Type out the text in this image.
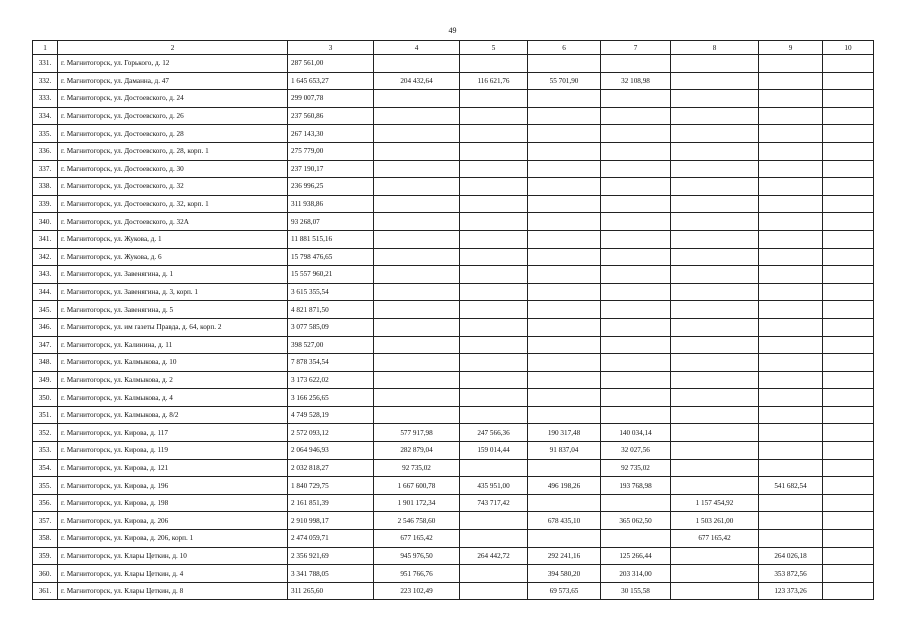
49
1	2	3	4	5	6	7	8	9	10
331.	г. Магнитогорск, ул. Горького, д. 12	287 561,00							
332.	г. Магнитогорск, ул. Даманна, д. 47	1 645 653,27	204 432,64	116 621,76	55 701,90	32 108,98			
333.	г. Магнитогорск, ул. Достоевского, д. 24	299 007,78							
334.	г. Магнитогорск, ул. Достоевского, д. 26	237 560,86							
335.	г. Магнитогорск, ул. Достоевского, д. 28	267 143,30							
336.	г. Магнитогорск, ул. Достоевского, д. 28, корп. 1	275 779,00							
337.	г. Магнитогорск, ул. Достоевского, д. 30	237 190,17							
338.	г. Магнитогорск, ул. Достоевского, д. 32	236 996,25							
339.	г. Магнитогорск, ул. Достоевского, д. 32, корп. 1	311 938,86							
340.	г. Магнитогорск, ул. Достоевского, д. 32А	93 268,07							
341.	г. Магнитогорск, ул. Жукова, д. 1	11 881 515,16							
342.	г. Магнитогорск, ул. Жукова, д. 6	15 798 476,65							
343.	г. Магнитогорск, ул. Завенягина, д. 1	15 557 960,21							
344.	г. Магнитогорск, ул. Завенягина, д. 3, корп. 1	3 615 355,54							
345.	г. Магнитогорск, ул. Завенягина, д. 5	4 821 871,50							
346.	г. Магнитогорск, ул. им газеты Правда, д. 64, корп. 2	3 077 585,09							
347.	г. Магнитогорск, ул. Калинина, д. 11	398 527,00							
348.	г. Магнитогорск, ул. Калмыкова, д. 10	7 878 354,54							
349.	г. Магнитогорск, ул. Калмыкова, д. 2	3 173 622,02							
350.	г. Магнитогорск, ул. Калмыкова, д. 4	3 166 256,65							
351.	г. Магнитогорск, ул. Калмыкова, д. 8/2	4 749 528,19							
352.	г. Магнитогорск, ул. Кирова, д. 117	2 572 093,12	577 917,98	247 566,36	190 317,48	140 034,14			
353.	г. Магнитогорск, ул. Кирова, д. 119	2 064 946,93	282 879,04	159 014,44	91 837,04	32 027,56			
354.	г. Магнитогорск, ул. Кирова, д. 121	2 032 818,27	92 735,02			92 735,02			
355.	г. Магнитогорск, ул. Кирова, д. 196	1 840 729,75	1 667 600,78	435 951,00	496 198,26	193 768,98		541 682,54	
356.	г. Магнитогорск, ул. Кирова, д. 198	2 161 851,39	1 901 172,34	743 717,42			1 157 454,92		
357.	г. Магнитогорск, ул. Кирова, д. 206	2 910 998,17	2 546 758,60		678 435,10	365 062,50	1 503 261,00		
358.	г. Магнитогорск, ул. Кирова, д. 206, корп. 1	2 474 059,71	677 165,42				677 165,42		
359.	г. Магнитогорск, ул. Клары Цеткин, д. 10	2 356 921,69	945 976,50	264 442,72	292 241,16	125 266,44		264 026,18	
360.	г. Магнитогорск, ул. Клары Цеткин, д. 4	3 341 788,05	951 766,76		394 580,20	203 314,00		353 872,56	
361.	г. Магнитогорск, ул. Клары Цеткин, д. 8	311 265,60	223 102,49		69 573,65	30 155,58		123 373,26	
